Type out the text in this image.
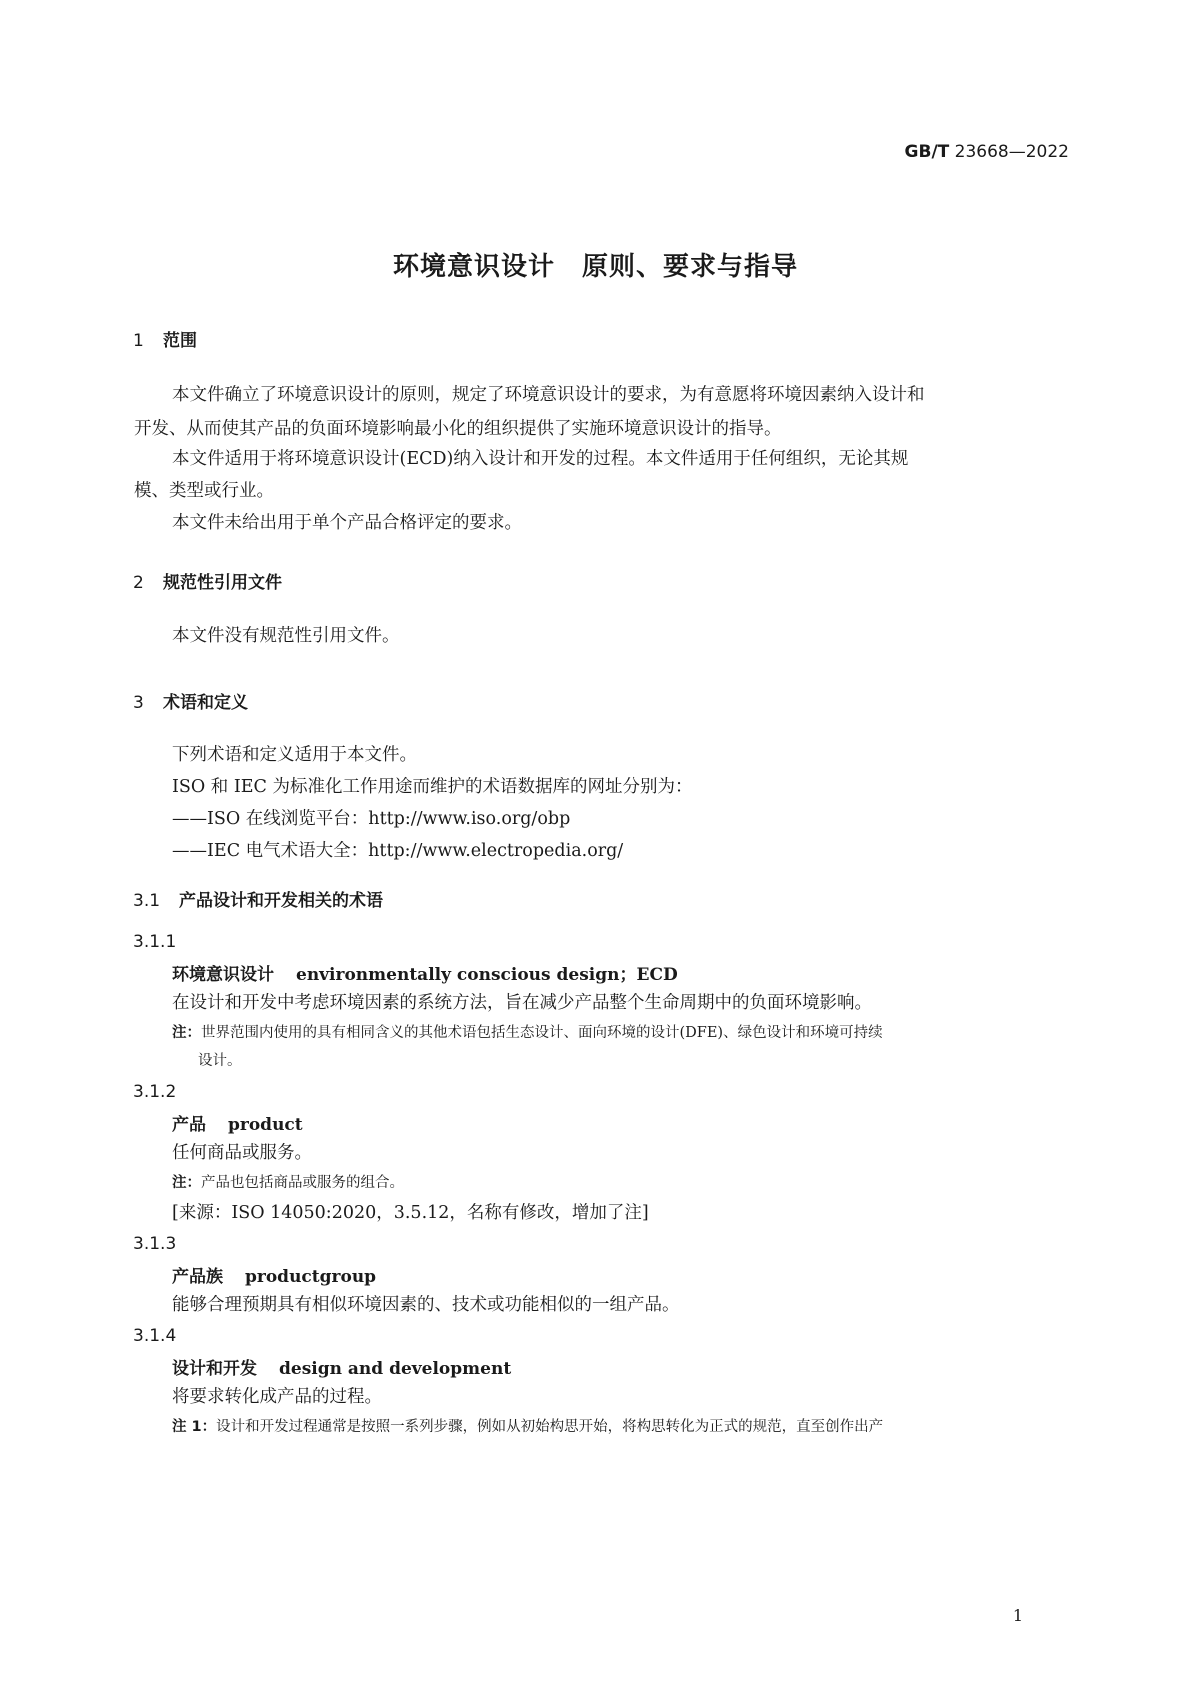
GB/T 23668—2022
环境意识设计　原则、要求与指导
1 范围
本文件确立了环境意识设计的原则，规定了环境意识设计的要求，为有意愿将环境因素纳入设计和
开发、从而使其产品的负面环境影响最小化的组织提供了实施环境意识设计的指导。
本文件适用于将环境意识设计(ECD)纳入设计和开发的过程。本文件适用于任何组织，无论其规
模、类型或行业。
本文件未给出用于单个产品合格评定的要求。
2 规范性引用文件
本文件没有规范性引用文件。
3 术语和定义
下列术语和定义适用于本文件。
ISO 和 IEC 为标准化工作用途而维护的术语数据库的网址分别为：
——ISO 在线浏览平台：http://www.iso.org/obp
——IEC 电气术语大全：http://www.electropedia.org/
3.1 产品设计和开发相关的术语
3.1.1
环境意识设计 environmentally conscious design；ECD
在设计和开发中考虑环境因素的系统方法，旨在减少产品整个生命周期中的负面环境影响。
注：世界范围内使用的具有相同含义的其他术语包括生态设计、面向环境的设计(DFE)、绿色设计和环境可持续
设计。
3.1.2
产品 product
任何商品或服务。
注：产品也包括商品或服务的组合。
[来源：ISO 14050:2020，3.5.12，名称有修改，增加了注]
3.1.3
产品族 productgroup
能够合理预期具有相似环境因素的、技术或功能相似的一组产品。
3.1.4
设计和开发 design and development
将要求转化成产品的过程。
注 1：设计和开发过程通常是按照一系列步骤，例如从初始构思开始，将构思转化为正式的规范，直至创作出产
1
